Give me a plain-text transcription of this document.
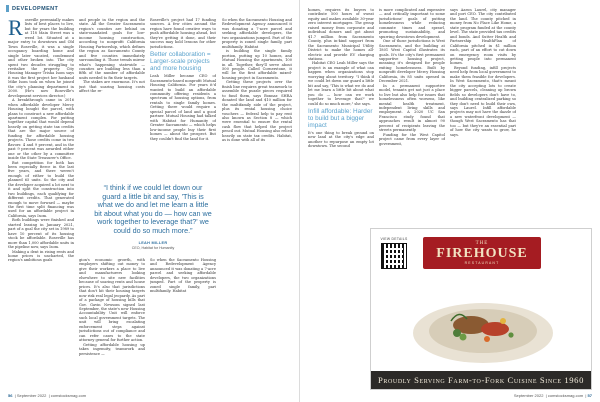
DEVELOPMENT

Roseville perennially makes lists of best places to live, but for years the building at 118 Main Street was a weed lot. Situated at a major entry to downtown and Old Town Roseville, it was a single occupancy boarding home and single later vacated, condemned and other broken into. The city spent two decades struggling to revitalize the property. City Housing Manager Trisha Isom says it was the first project her husband Mike Isom took on when he joined the city's planning department in 2000. (He's now Roseville's development services director.)

A breakthrough came in 2016 when affordable developer Mercy Housing bought the parcel, with plans to construct a new affordable apartment complex. For putting together capital that would depend heavily on getting state tax credits that are the major source of funding for affordable housing projects. Those credits come in two flavors: 4 and 9 percent, and in the past 9 percent was awarded either one or the other by a committee inside the State Treasurer's Office.

But competition for both has been especially fierce in the last five years, and there weren't enough of either to build the planned 65 units. So the city and the developer acquired a lot next to it and split the construction into two buildings, each qualifying for different credits. That generated enough to move forward — maybe the first time split financing was used for an affordable project in California, says Isom.

Both buildings were finished and started leasing in January 2021, part of a goal the city set in 1989 to have 10 percent of its housing stock be affordable. Roseville has more than 1,000 affordable units in the pipeline now, says Isom.

Making a dent in rising rents and home prices is uncharted, the region's ambitious goals

and people in the region and the state. All the Greater Sacramento region's counties are behind on state-mandated goals for low-income housing construction, according to nonprofit California Housing Partnership, which defines the region as Sacramento County and five counties immediately surrounding it. Those trends mirror what's happening statewide — counties are building less than a fifth of the number of affordable units needed to fix their targets.

The stakes are enormous. It's not just that soaring housing costs affect the re-

gion's economic growth, with employers shifting out money to give their workers a place to live and manufacturers looking elsewhere to site new facilities because of soaring rents and house prices. It's also that jurisdictions that don't hit their housing targets now risk real legal jeopardy. As part of a package of housing bills that Gov. Gavin Newsom signed last September, the state's new Housing Accountability Unit will enforce such local government targets. The unit will bring escalating enforcement steps against jurisdictions out of compliance and can refer cases to the state attorney general for further action.

Getting affordable housing up takes ingenuity, teamwork and persistence —

Roseville's project had 17 funding sources. A few cities around the region have found creative ways to push affordable housing ahead, but they're getting it done, and their success may hold lessons for other jurisdictions.

Better collaboration = Larger-scale projects and more housing

Leah Miller became CEO of Sacramento-based nonprofit Mutual Housing California. For years it'd wanted to build an affordable community offering residents a spectrum of housing options, from rentals to single family homes. Getting there would require a special parcel of land and a good partner. Mutual Housing had talked with Habitat for Humanity of Greater Sacramento — which helps low-income people buy their first homes — about the prospect. But they couldn't find the land for it.

So when the Sacramento Housing and Redevelopment Agency announced it was donating a 7-acre parcel and seeking affordable developers, the two organizations jumped. Part of the property is zoned single family, part multifamily. Habitat

So when the Sacramento Housing and Redevelopment Agency announced it was donating a 7-acre parcel and seeking affordable developers, the two organizations jumped. Part of the property is zoned single family, part multifamily. Habitat

is building the single family portion, putting up 10 homes, and Mutual Housing the apartments, 100 in all. Together, they'll serve about 500 people. Called Cornerstone, it will be the first affordable mixed-housing project in Sacramento.

Getting these projects over the finish line requires great teamwork to assemble the puzzle pieces required to fund them, says Bonnar. SHRA donated the land and $10 million for the multifamily side of the project, plus its rental housing choice vouchers — federal help to pay rent also known as Section 8 — which were essential to ensure the rental cash flow that helped the project pencil out. Mutual Housing also relied heavily on state tax credits. Habitat, as is done with all of its

“I think if we could let down our guard a little bit and say, 'This is what we do and let me learn a little bit about what you do — how can we work together to leverage that?' we could do so much more.”
LEAH MILLER
CEO, Habitat for Humanity
56  | September 2022  | comstocksmag.com

homes, requires its buyers to contribute 500 hours of sweat equity and makes available 30-year zero interest mortgages. The group raised money from corporate and individual donors and got about $1.7 million from Sacramento County, plus in-kind support from the Sacramento Municipal Utility District to make the homes all-electric and provide EV charging stations.

Habitat CEO Leah Miller says the project is an example of what can happen when organizations stop worrying about territory. "I think if we could let down our guard a little bit and say, 'This is what we do and let me learn a little bit about what you do — how can we work together to leverage that?' we could do so much more," she says.

Infill affordable: Harder to build but a bigger impact

It's one thing to break ground on new land at the city's edge and another to repurpose an empty lot downtown. The second

is more complicated and expensive — and critically important to some jurisdictions' goals of putting homelessness while reducing commute times and sprawl, promoting sustainability, and spurring downtown development.

One of those jurisdictions is West Sacramento, and the building at 1801 West Capitol illustrates its goals. It's the city's first permanent supportive housing project, meaning it's designed for people exiting homelessness. Built by nonprofit developer Mercy Housing California, its 85 units opened in December 2021.

In a permanent supportive model, tenants get not just a place to live but also help for issues that homelessness often worsens, like mental health treatment, independent living skills and employment. A 2020 UC San Francisco study found that approaches result in almost 90 percent of recipients leaving the streets permanently.

Funding for the West Capitol project came from every layer of government,

says Aaron Laurel, city manager and port CEO. The city contributed the land. The county pitched in money from No Place Like Home, a state program funded at the county level. The state provided tax credits and bonds. And Sutter Health and Partnership HealthPlan of California pitched in $1 million each, part of an effort to cut down on emergency room visits by getting people into permanent homes.

Beyond funding, infill projects need help from local government to make them feasible for developers. In West Sacramento, that's meant the city accepting lots to create bigger parcels, cleaning up brown fields so developers don't have to, and building centralized parking so they don't need to build their own, says Laurel. Infill affordable projects may not have the dazzle of a new waterfront development — though West Sacramento has that too — but they're an essential part of how the city wants to grow, he says.

VIEW DETAILS
THE
FIREHOUSE
RESTAURANT
Proudly Serving Farm-to-Fork Cuisine Since 1960
September 2022  | comstocksmag.com  | 57
